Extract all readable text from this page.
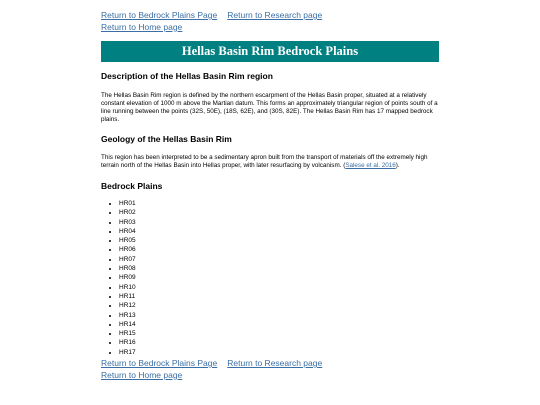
Return to Bedrock Plains Page Return to Research page
Return to Home page
Hellas Basin Rim Bedrock Plains
Description of the Hellas Basin Rim region

The Hellas Basin Rim region is defined by the northern escarpment of the Hellas Basin proper, situated at a relatively constant elevation of 1000 m above the Martian datum. This forms an approximately triangular region of points south of a line running between the points (32S, 50E), (18S, 62E), and (30S, 82E). The Hellas Basin Rim has 17 mapped bedrock plains.

Geology of the Hellas Basin Rim

This region has been interpreted to be a sedimentary apron built from the transport of materials off the extremely high terrain north of the Hellas Basin into Hellas proper, with later resurfacing by volcanism. (Salese et al. 2016).

Bedrock Plains
• HR01
• HR02
• HR03
• HR04
• HR05
• HR06
• HR07
• HR08
• HR09
• HR10
• HR11
• HR12
• HR13
• HR14
• HR15
• HR16
• HR17
Return to Bedrock Plains Page Return to Research page
Return to Home page
